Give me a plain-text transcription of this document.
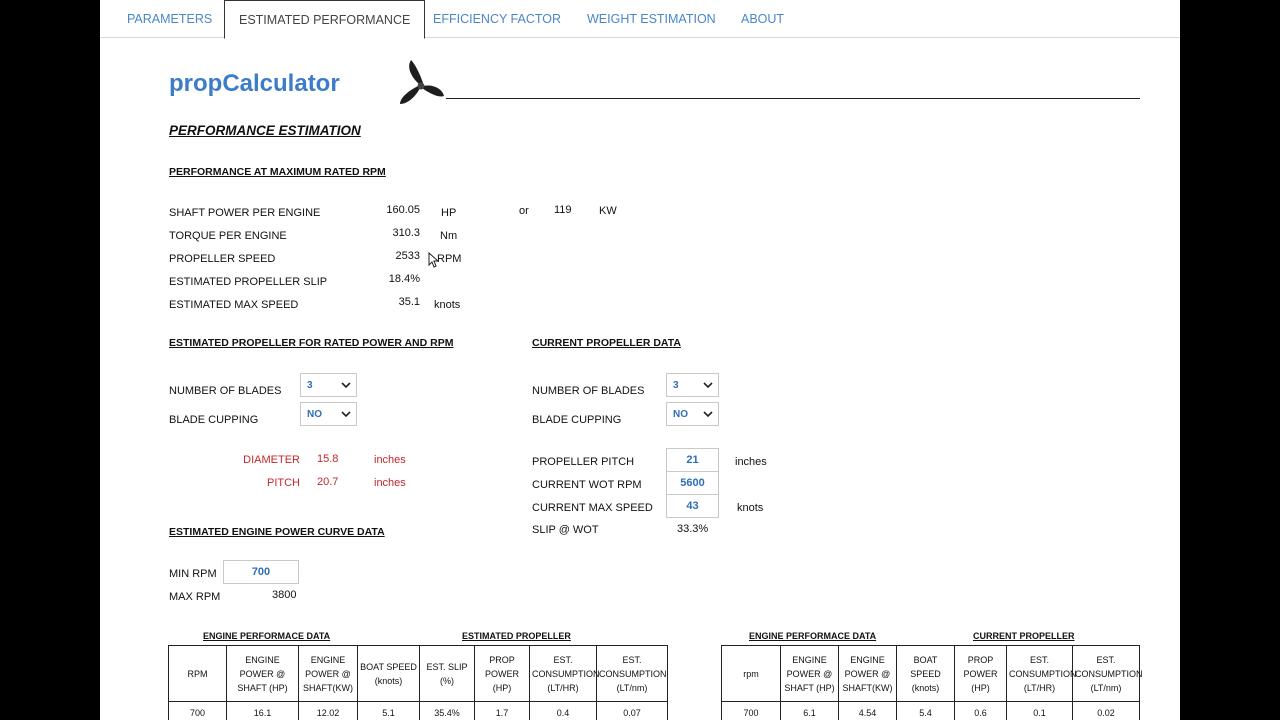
PARAMETERS	ESTIMATED PERFORMANCE	EFFICIENCY FACTOR	WEIGHT ESTIMATION	ABOUT
propCalculator
PERFORMANCE ESTIMATION
PERFORMANCE AT MAXIMUM RATED RPM
SHAFT POWER PER ENGINE	160.05 HP	or 119 KW
TORQUE PER ENGINE	310.3 Nm
PROPELLER SPEED	2533 RPM
ESTIMATED PROPELLER SLIP	18.4%
ESTIMATED MAX SPEED	35.1 knots
ESTIMATED PROPELLER FOR RATED POWER AND RPM
NUMBER OF BLADES	3
BLADE CUPPING	NO
DIAMETER 15.8	inches
PITCH 20.7	inches
CURRENT PROPELLER DATA
NUMBER OF BLADES	3
BLADE CUPPING	NO
PROPELLER PITCH	21	inches
CURRENT WOT RPM	5600
CURRENT MAX SPEED	43	knots
SLIP @ WOT	33.3%
ESTIMATED ENGINE POWER CURVE DATA
MIN RPM	700
MAX RPM	3800
ENGINE PERFORMACE DATA	ESTIMATED PROPELLER
RPM	ENGINE POWER @ SHAFT (HP)	ENGINE POWER @ SHAFT(KW)	BOAT SPEED (knots)	EST. SLIP (%)	PROP POWER (HP)	EST. CONSUMPTION (LT/HR)	EST. CONSUMPTION (LT/nm)
700	16.1	12.02	5.1	35.4%	1.7	0.4	0.07
ENGINE PERFORMACE DATA	CURRENT PROPELLER
rpm	ENGINE POWER @ SHAFT (HP)	ENGINE POWER @ SHAFT(KW)	BOAT SPEED (knots)	PROP POWER (HP)	EST. CONSUMPTION (LT/HR)	EST. CONSUMPTION (LT/nm)
700	6.1	4.54	5.4	0.6	0.1	0.02
